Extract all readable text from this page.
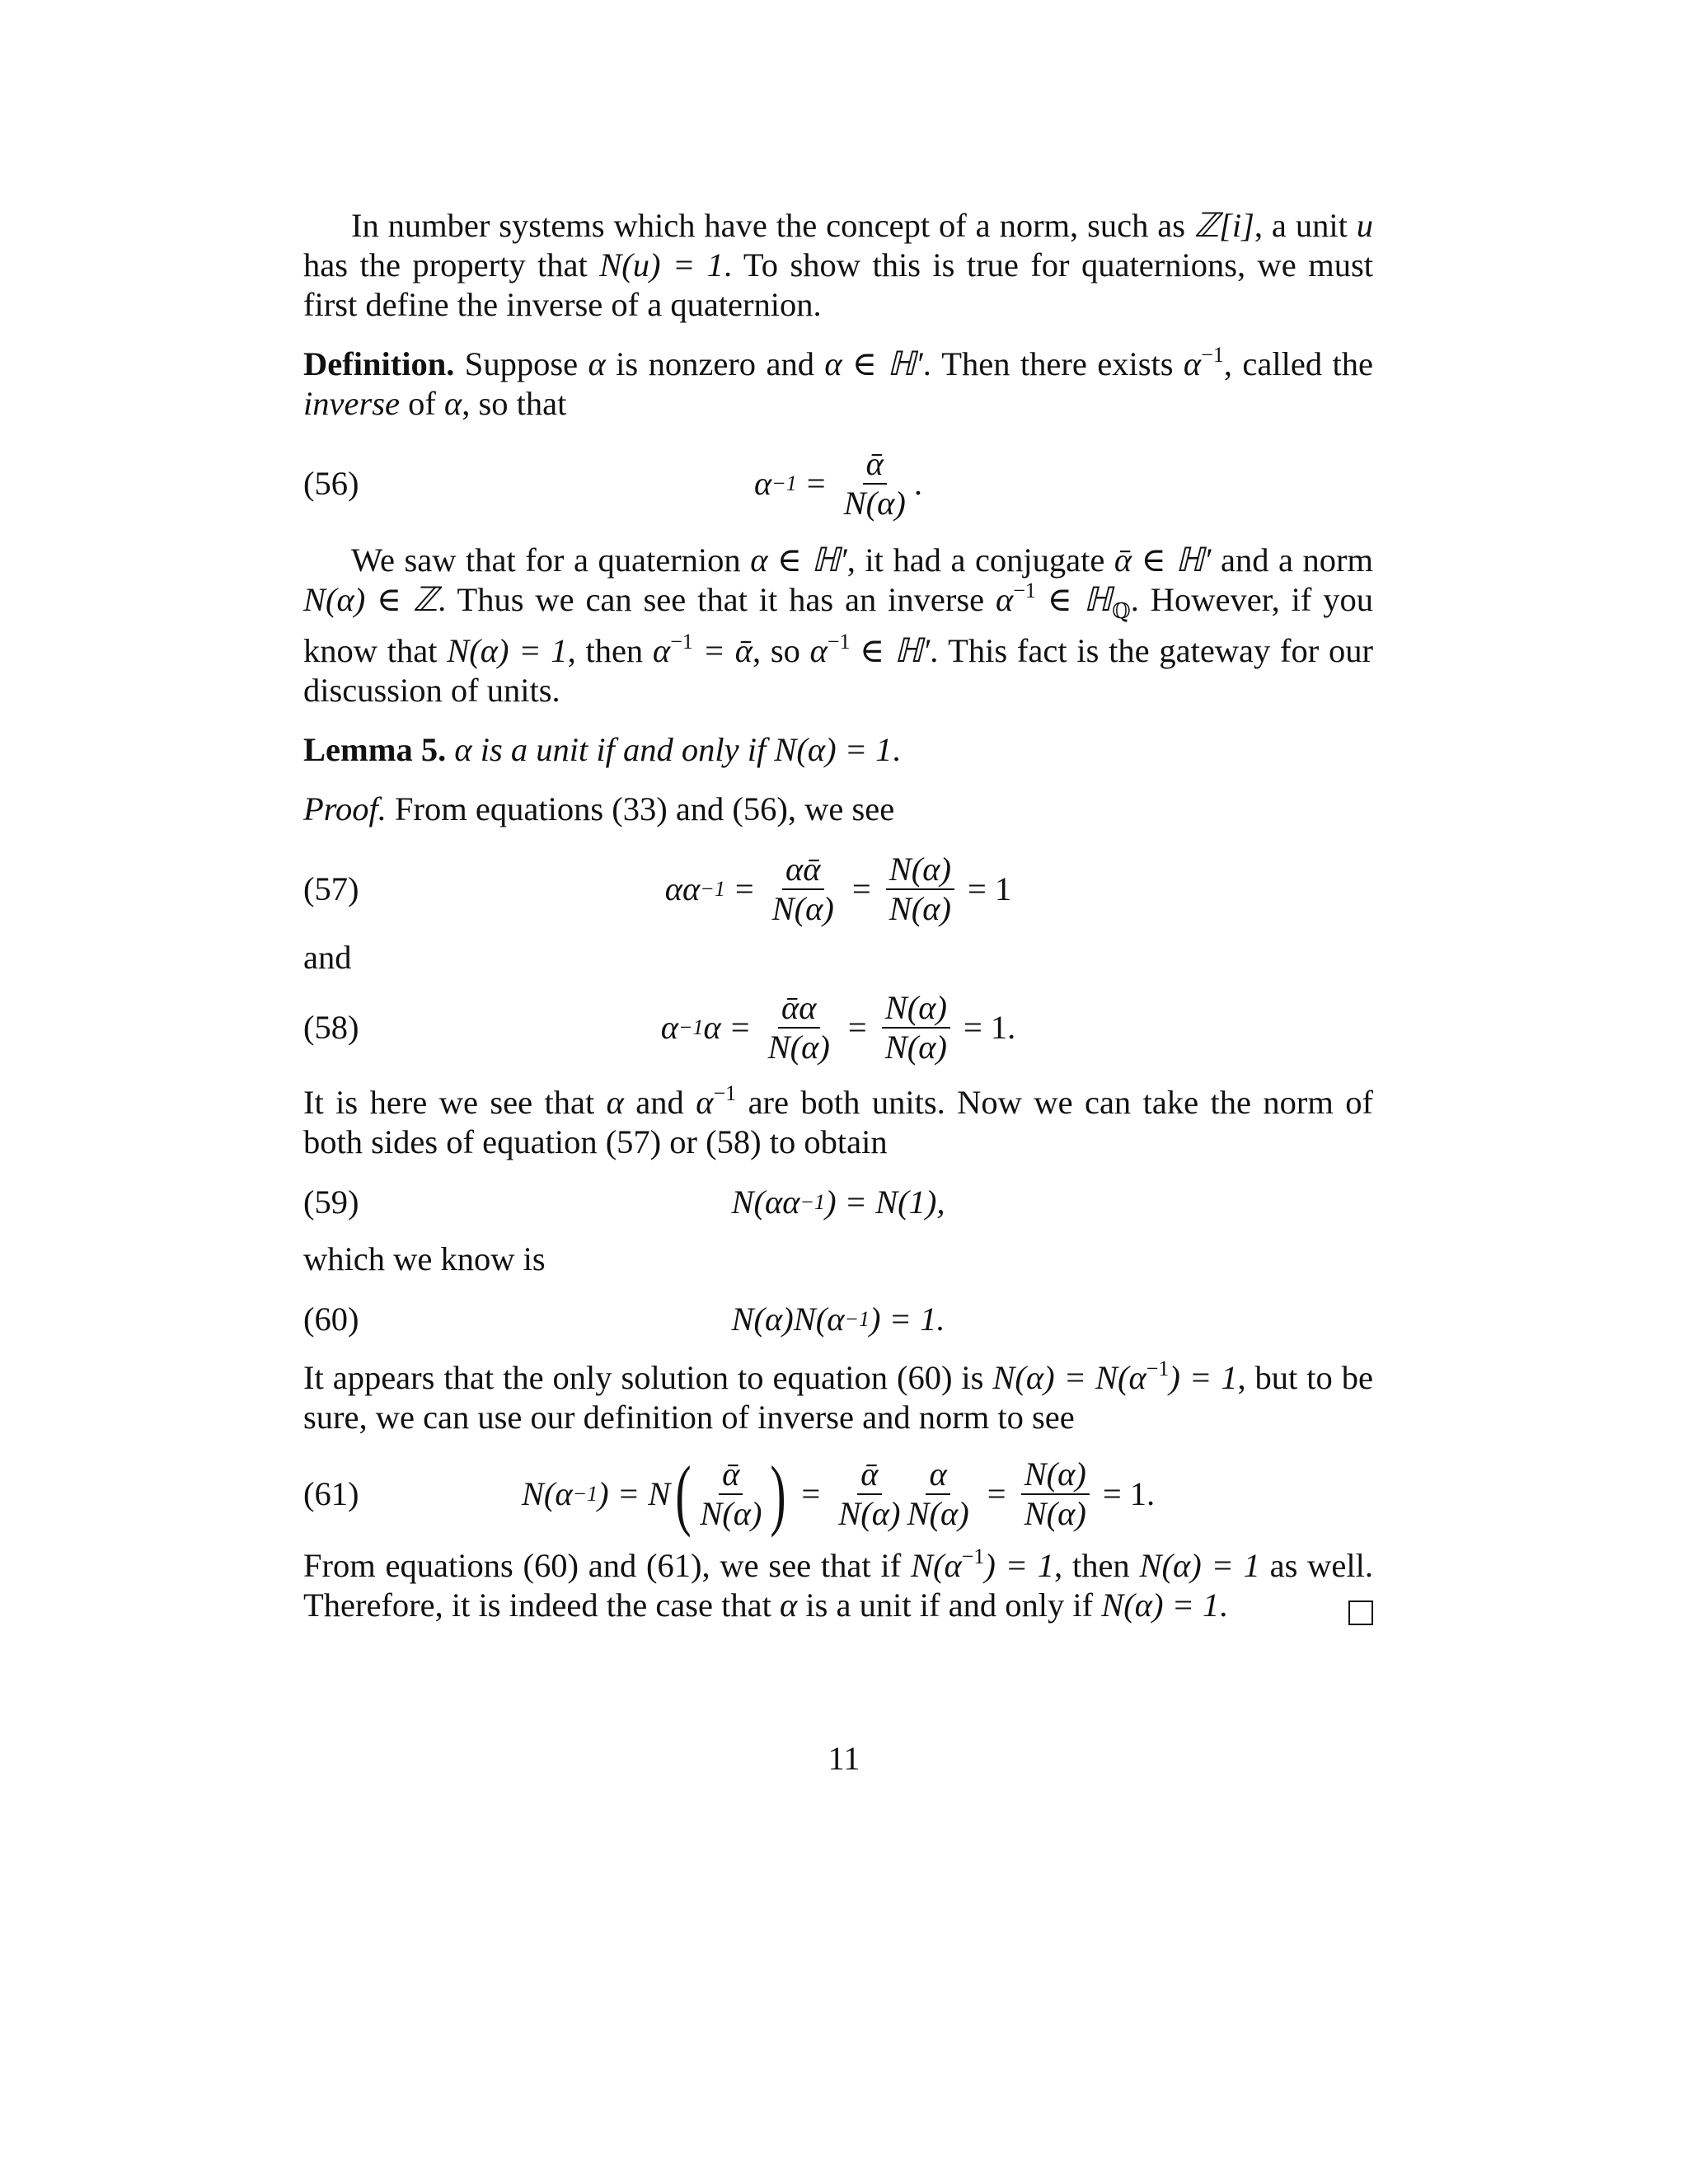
In number systems which have the concept of a norm, such as ℤ[i], a unit u has the property that N(u) = 1. To show this is true for quaternions, we must first define the inverse of a quaternion.

Definition. Suppose α is nonzero and α ∈ ℍ′. Then there exists $\alpha^{-1}$, called the inverse of α, so that

(56)	$\alpha -1 = \frac{\text{ᾱ}}{N(\alpha)}$ .

We saw that for a quaternion α ∈ ℍ′, it had a conjugate ᾱ ∈ ℍ′ and a norm N(α) ∈ ℤ. Thus we can see that it has an inverse $\alpha^{-1}$ ∈ ℍ$_ℚ$. However, if you know that N(α) = 1, then $\alpha^{-1}$ = ᾱ, so $\alpha^{-1}$ ∈ ℍ′. This fact is the gateway for our discussion of units.

Lemma 5. α is a unit if and only if N(α) = 1.

Proof. From equations (33) and (56), we see

(57)	$\alpha\alpha -1 = \frac{\text{αᾱ}}{N(\alpha)} = \frac{N(\alpha)}{N(\alpha)} = 1$

and

(58)	α −1 $\alpha = \frac{\text{ᾱα}}{N(\alpha)} = \frac{N(\alpha)}{N(\alpha)} = 1$.

It is here we see that α and $\alpha^{-1}$ are both units. Now we can take the norm of both sides of equation (57) or (58) to obtain

(59)	N(αα −1 ) = N(1),

which we know is

(60)	N(α)N(α −1 ) = 1.

It appears that the only solution to equation (60) is $N(\alpha) = N(\alpha^{-1}) = 1$, but to be sure, we can use our definition of inverse and norm to see

(61)	N(α −1 ) = N ( $\frac{\text{ᾱ}}{N(\alpha)}$ ) = $\frac{\text{ᾱ}}{N(\alpha)} \frac{\alpha}{N(\alpha)} = \frac{N(\alpha)}{N(\alpha)} = 1$.

From equations (60) and (61), we see that if $N(\alpha^{-1}) = 1$, then N(α) = 1 as well. Therefore, it is indeed the case that α is a unit if and only if N(α) = 1.

11
